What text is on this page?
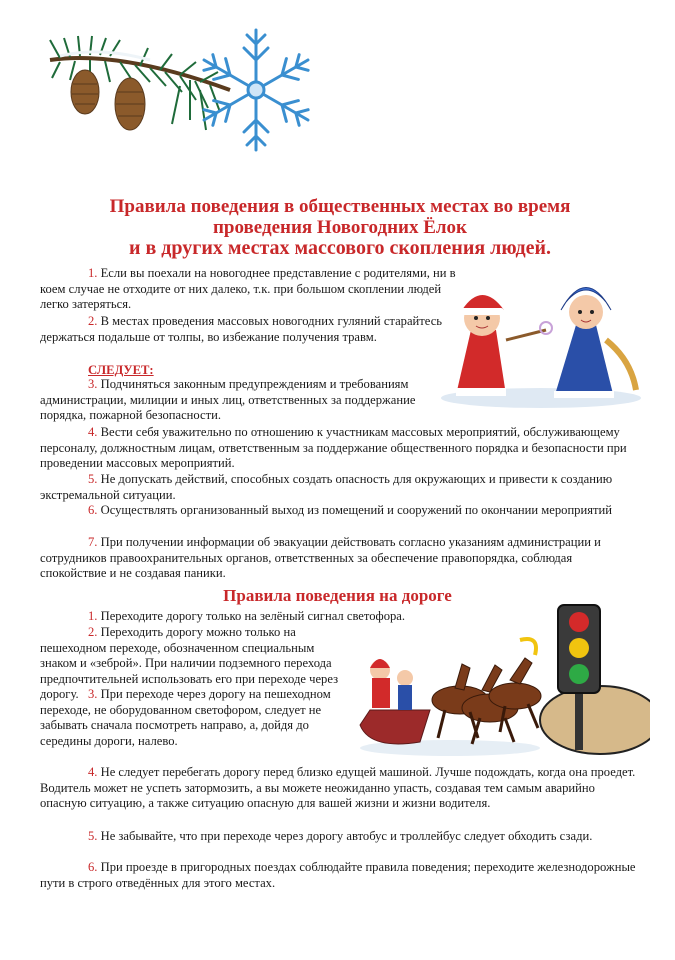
Правила поведения в общественных местах во время
проведения Новогодних Ёлок
и в других местах массового скопления людей.

1. Если вы поехали на новогоднее представление с родителями, ни в коем случае не отходите от них далеко, т.к. при большом скоплении людей легко затеряться.

2. В местах проведения массовых новогодних гуляний старайтесь держаться подальше от толпы, во избежание получения травм.

СЛЕДУЕТ:

3. Подчиняться законным предупреждениям и требованиям администрации, милиции и иных лиц, ответственных за поддержание порядка, пожарной безопасности.

4. Вести себя уважительно по отношению к участникам массовых мероприятий, обслуживающему персоналу, должностным лицам, ответственным за поддержание общественного порядка и безопасности при проведении массовых мероприятий.

5. Не допускать действий, способных создать опасность для окружающих и привести к созданию экстремальной ситуации.

6. Осуществлять организованный выход из помещений и сооружений по окончании мероприятий

7. При получении информации об эвакуации действовать согласно указаниям администрации и сотрудников правоохранительных органов, ответственных за обеспечение правопорядка, соблюдая спокойствие и не создавая паники.

Правила поведения на дороге

1. Переходите дорогу только на зелёный сигнал светофора.

2. Переходить дорогу можно только на пешеходном переходе, обозначенном специальным знаком и «зеброй». При наличии подземного перехода предпочтительней использовать его при переходе через дорогу. 3. При переходе через дорогу на пешеходном переходе, не оборудованном светофором, следует не забывать сначала посмотреть направо, а, дойдя до середины дороги, налево.

4. Не следует перебегать дорогу перед близко едущей машиной. Лучше подождать, когда она проедет. Водитель может не успеть затормозить, а вы можете неожиданно упасть, создавая тем самым аварийно опасную ситуацию, а также ситуацию опасную для вашей жизни и жизни водителя.

5. Не забывайте, что при переходе через дорогу автобус и троллейбус следует обходить сзади.

6. При проезде в пригородных поездах соблюдайте правила поведения; переходите железнодорожные пути в строго отведённых для этого местах.
